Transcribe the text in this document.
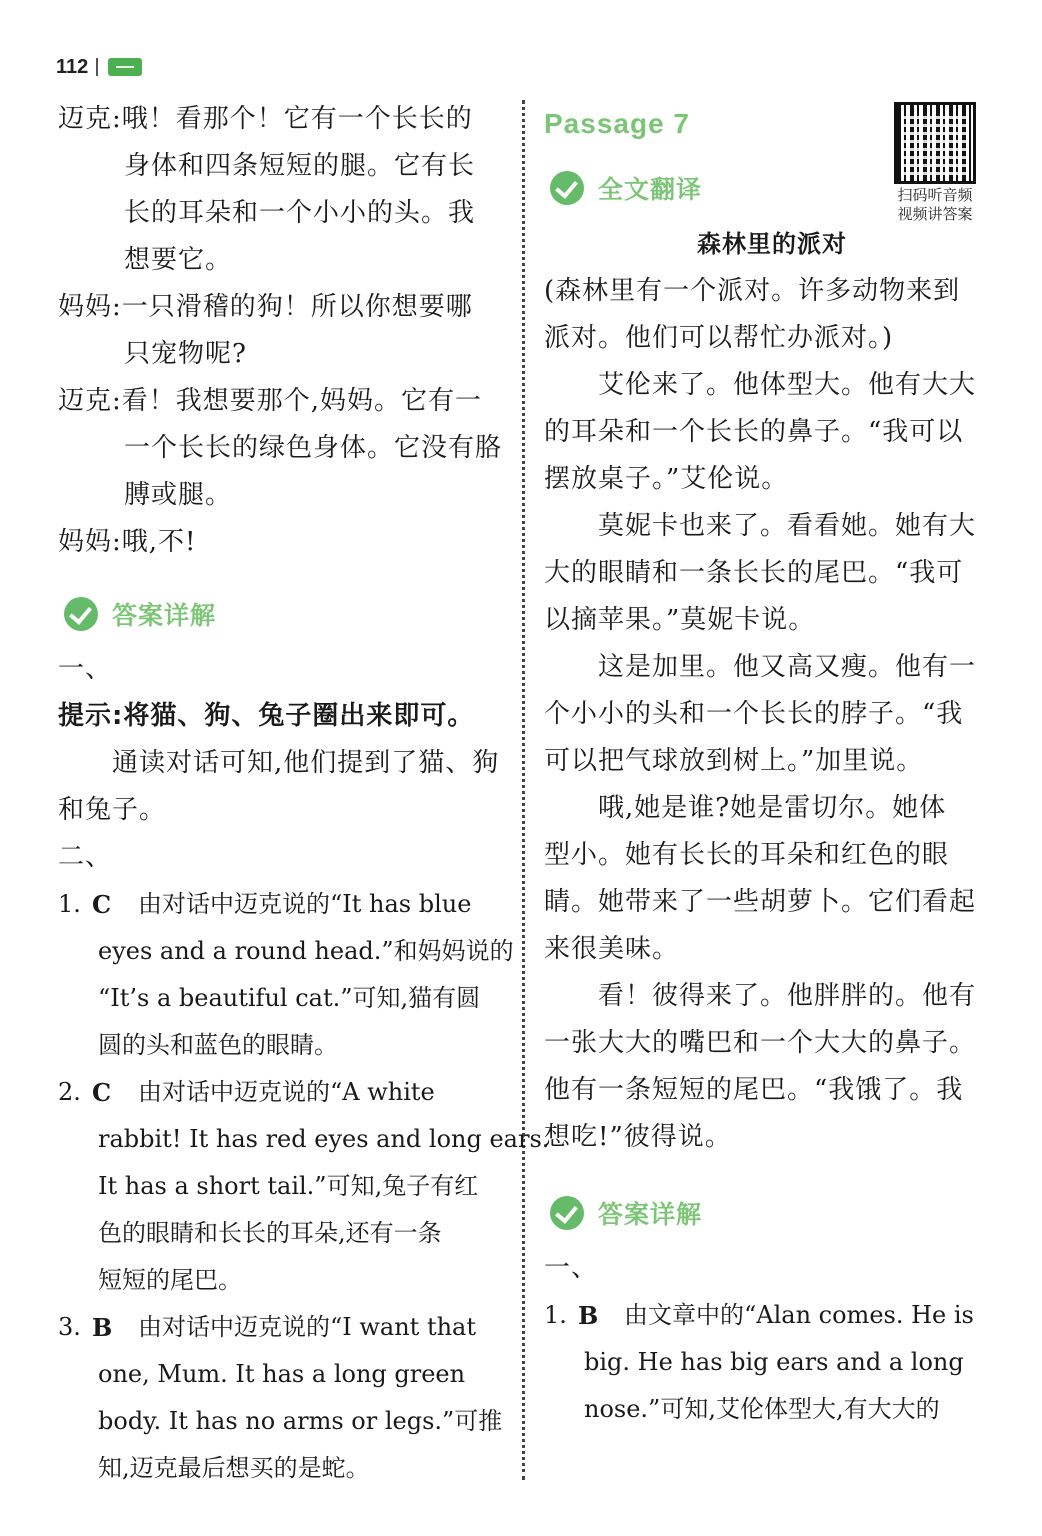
112
迈克:哦！看那个！它有一个长长的
身体和四条短短的腿。它有长
长的耳朵和一个小小的头。我
想要它。
妈妈:一只滑稽的狗！所以你想要哪
只宠物呢?
迈克:看！我想要那个,妈妈。它有一
一个长长的绿色身体。它没有胳
膊或腿。
妈妈:哦,不!
答案详解
一、
提示:将猫、狗、兔子圈出来即可。
通读对话可知,他们提到了猫、狗
和兔子。
二、
1. C	由对话中迈克说的“It has blue
eyes and a round head.”和妈妈说的
“It’s a beautiful cat.”可知,猫有圆
圆的头和蓝色的眼睛。
2. C	由对话中迈克说的“A white
rabbit! It has red eyes and long ears.
It has a short tail.”可知,兔子有红
色的眼睛和长长的耳朵,还有一条
短短的尾巴。
3. B	由对话中迈克说的“I want that
one, Mum. It has a long green
body. It has no arms or legs.”可推
知,迈克最后想买的是蛇。
Passage 7
扫码听音频
视频讲答案
全文翻译
森林里的派对
(森林里有一个派对。许多动物来到
派对。他们可以帮忙办派对。)
艾伦来了。他体型大。他有大大
的耳朵和一个长长的鼻子。“我可以
摆放桌子。”艾伦说。
莫妮卡也来了。看看她。她有大
大的眼睛和一条长长的尾巴。“我可
以摘苹果。”莫妮卡说。
这是加里。他又高又瘦。他有一
个小小的头和一个长长的脖子。“我
可以把气球放到树上。”加里说。
哦,她是谁?她是雷切尔。她体
型小。她有长长的耳朵和红色的眼
睛。她带来了一些胡萝卜。它们看起
来很美味。
看！彼得来了。他胖胖的。他有
一张大大的嘴巴和一个大大的鼻子。
他有一条短短的尾巴。“我饿了。我
想吃!”彼得说。
答案详解
一、
1. B	由文章中的“Alan comes. He is
big. He has big ears and a long
nose.”可知,艾伦体型大,有大大的
